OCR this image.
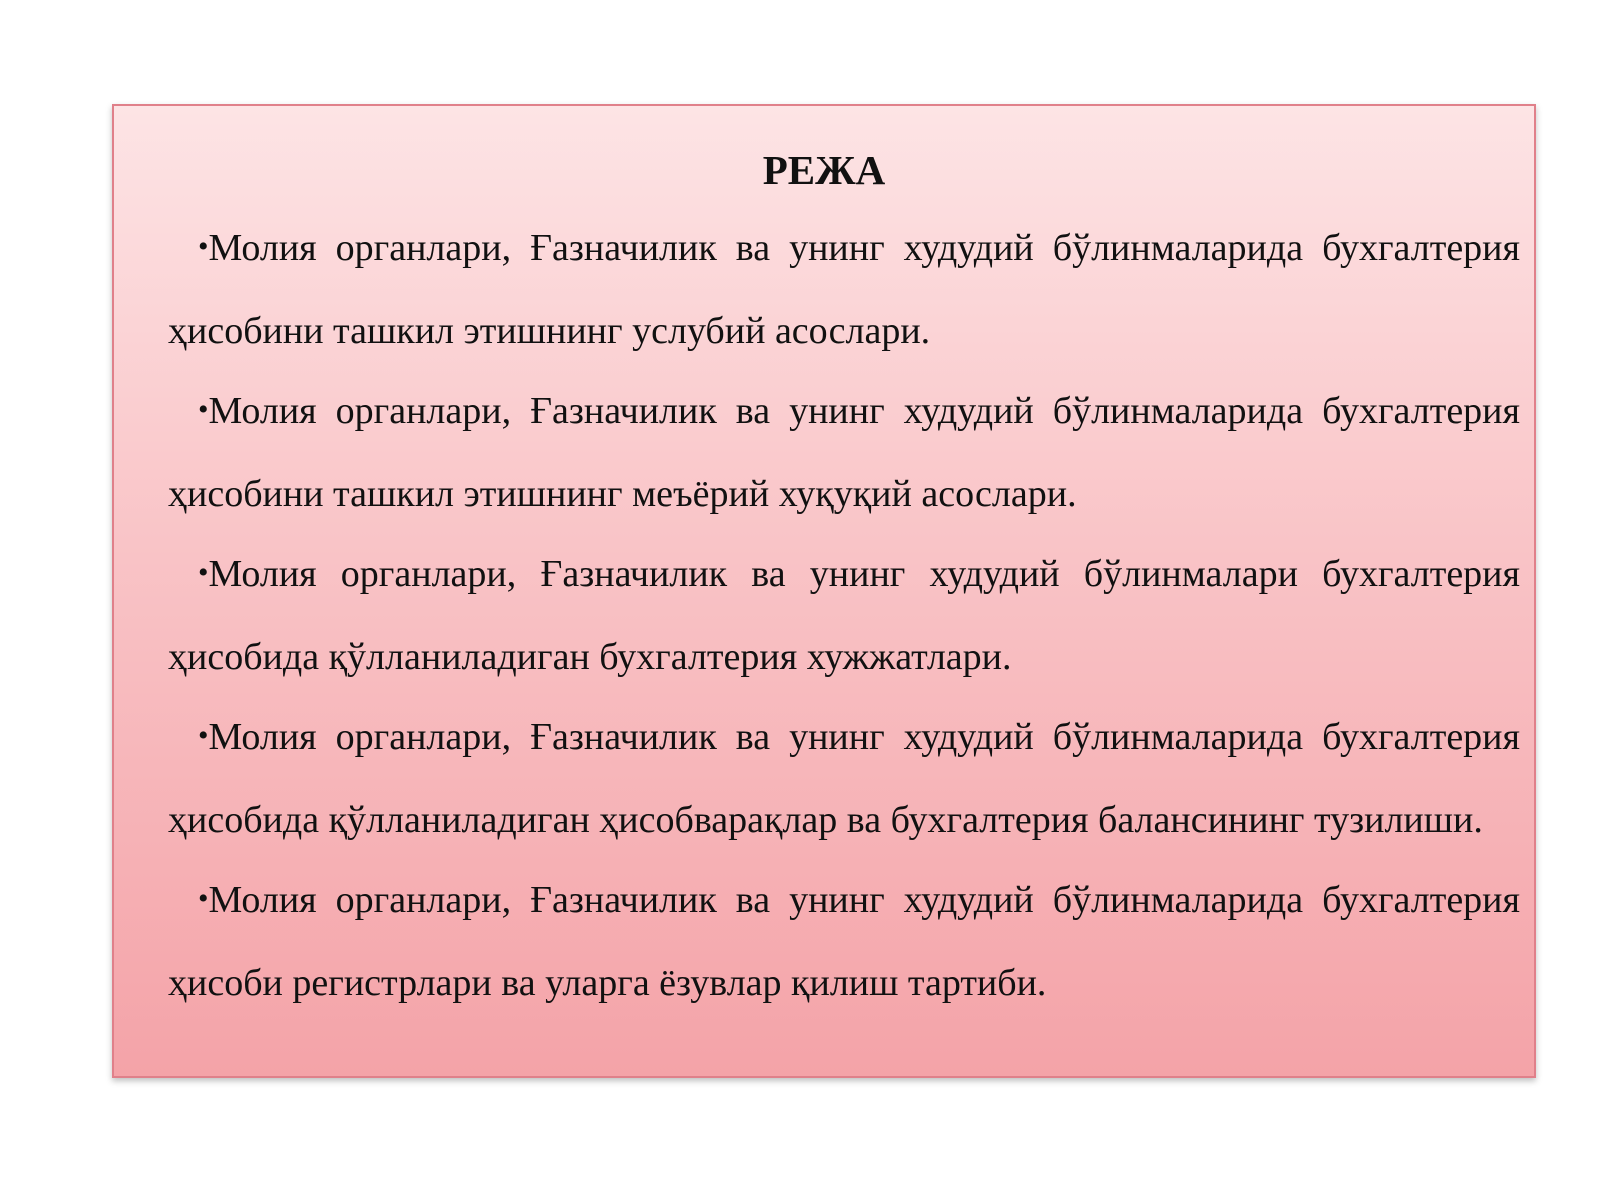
РЕЖА
•Молия органлари, Ғазначилик ва унинг худудий бўлинмаларида бухгалтерия ҳисобини ташкил этишнинг услубий асослари.
•Молия органлари, Ғазначилик ва унинг худудий бўлинмаларида бухгалтерия ҳисобини ташкил этишнинг меъёрий хуқуқий асослари.
•Молия органлари, Ғазначилик ва унинг худудий бўлинмалари бухгалтерия ҳисобида қўлланиладиган бухгалтерия хужжатлари.
•Молия органлари, Ғазначилик ва унинг худудий бўлинмаларида бухгалтерия ҳисобида қўлланиладиган ҳисобварақлар ва бухгалтерия балансининг тузилиши.
•Молия органлари, Ғазначилик ва унинг худудий бўлинмаларида бухгалтерия ҳисоби регистрлари ва уларга ёзувлар қилиш тартиби.
